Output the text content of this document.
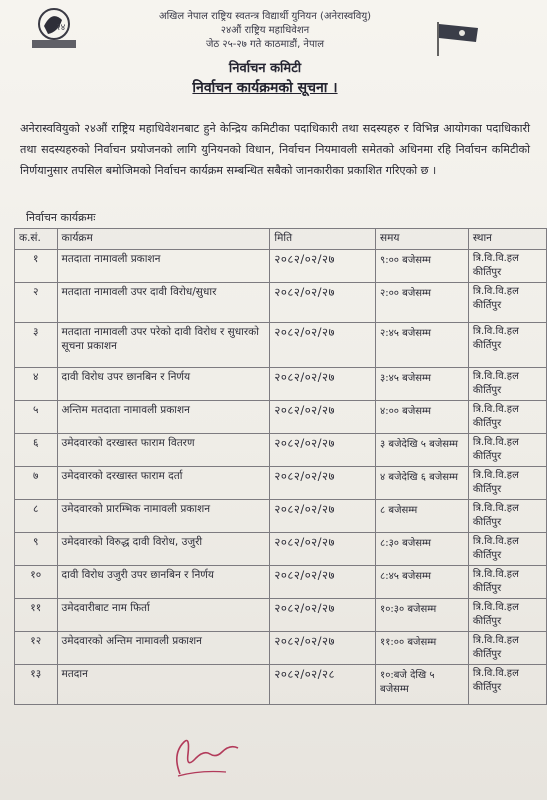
२४
अखिल नेपाल राष्ट्रिय स्वतन्त्र विद्यार्थी युनियन (अनेरास्ववियु)
२४औं राष्ट्रिय महाधिवेशन
जेठ २५-२७ गते काठमाडौं, नेपाल
निर्वाचन कमिटी
निर्वाचन कार्यक्रमको सूचना ।
अनेरास्ववियुको २४औं राष्ट्रिय महाधिवेशनबाट हुने केन्द्रिय कमिटीका पदाधिकारी तथा सदस्यहरु र विभिन्न आयोगका पदाधिकारी तथा सदस्यहरुको निर्वाचन प्रयोजनको लागि युनियनको विधान, निर्वाचन नियमावली समेतको अधिनमा रहि निर्वाचन कमिटीको निर्णयानुसार तपसिल बमोजिमको निर्वाचन कार्यक्रम सम्बन्धित सबैको जानकारीका प्रकाशित गरिएको छ ।
निर्वाचन कार्यक्रमः
क.सं.	कार्यक्रम	मिति	समय	स्थान
१	मतदाता नामावली प्रकाशन	२०८२/०२/२७	९:०० बजेसम्म	त्रि.वि.वि.हल कीर्तिपुर
२	मतदाता नामावली उपर दावी विरोध/सुधार	२०८२/०२/२७	२:०० बजेसम्म	त्रि.वि.वि.हल कीर्तिपुर
३	मतदाता नामावली उपर परेको दावी विरोध र सुधारको सूचना प्रकाशन	२०८२/०२/२७	२:४५ बजेसम्म	त्रि.वि.वि.हल कीर्तिपुर
४	दावी विरोध उपर छानबिन र निर्णय	२०८२/०२/२७	३:४५ बजेसम्म	त्रि.वि.वि.हल कीर्तिपुर
५	अन्तिम मतदाता नामावली प्रकाशन	२०८२/०२/२७	४:०० बजेसम्म	त्रि.वि.वि.हल कीर्तिपुर
६	उमेदवारको दरखास्त फाराम वितरण	२०८२/०२/२७	३ बजेदेखि ५ बजेसम्म	त्रि.वि.वि.हल कीर्तिपुर
७	उमेदवारको दरखास्त फाराम दर्ता	२०८२/०२/२७	४ बजेदेखि ६ बजेसम्म	त्रि.वि.वि.हल कीर्तिपुर
८	उमेदवारको प्रारम्भिक नामावली प्रकाशन	२०८२/०२/२७	८ बजेसम्म	त्रि.वि.वि.हल कीर्तिपुर
९	उमेदवारको विरुद्ध दावी विरोध, उजुरी	२०८२/०२/२७	८:३० बजेसम्म	त्रि.वि.वि.हल कीर्तिपुर
१०	दावी विरोध उजुरी उपर छानबिन र निर्णय	२०८२/०२/२७	८:४५ बजेसम्म	त्रि.वि.वि.हल कीर्तिपुर
११	उमेदवारीबाट नाम फिर्ता	२०८२/०२/२७	१०:३० बजेसम्म	त्रि.वि.वि.हल कीर्तिपुर
१२	उमेदवारको अन्तिम नामावली प्रकाशन	२०८२/०२/२७	११:०० बजेसम्म	त्रि.वि.वि.हल कीर्तिपुर
१३	मतदान	२०८२/०२/२८	१०:बजे देखि ५ बजेसम्म	त्रि.वि.वि.हल कीर्तिपुर
